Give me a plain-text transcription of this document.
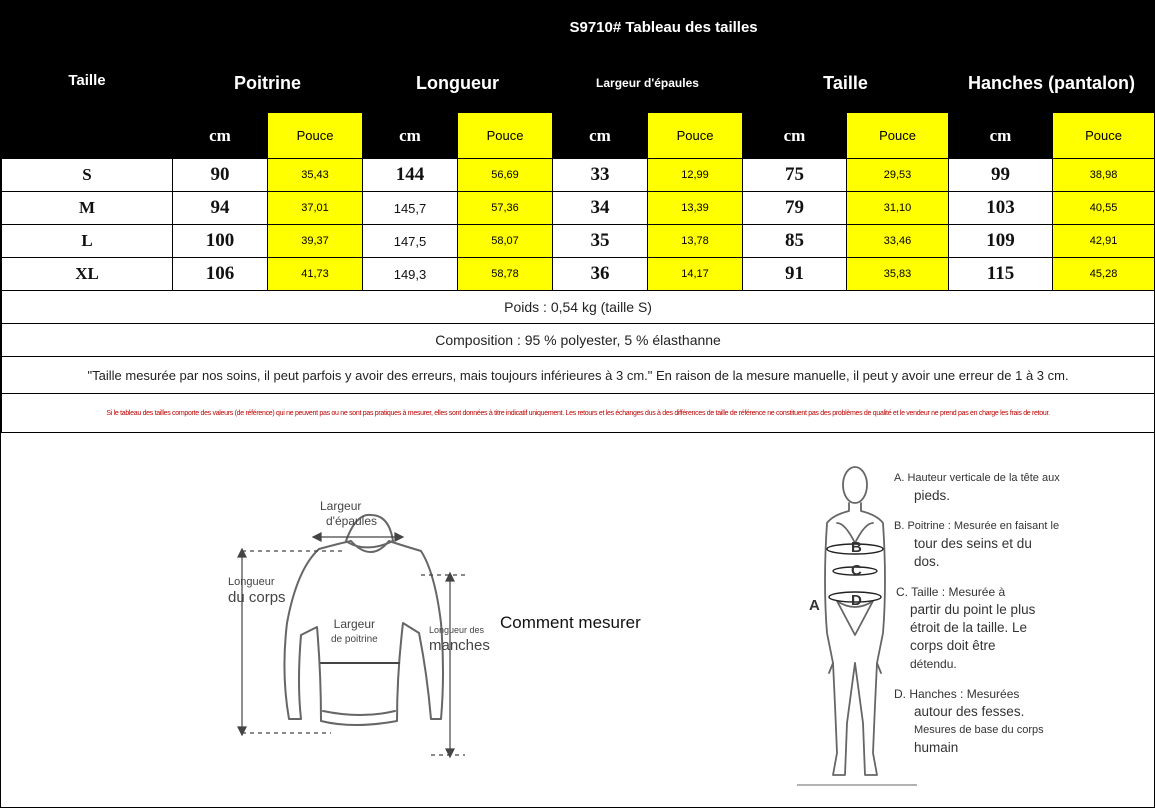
Taille	S9710# Tableau des tailles									
	Poitrine		Longueur		Largeur d'épaules		Taille		Hanches (pantalon)	
	cm	Pouce	cm	Pouce	cm	Pouce	cm	Pouce	cm	Pouce
S	90	35,43	144	56,69	33	12,99	75	29,53	99	38,98
M	94	37,01	145,7	57,36	34	13,39	79	31,10	103	40,55
L	100	39,37	147,5	58,07	35	13,78	85	33,46	109	42,91
XL	106	41,73	149,3	58,78	36	14,17	91	35,83	115	45,28
Poids : 0,54 kg (taille S)										
Composition : 95 % polyester, 5 % élasthanne										
"Taille mesurée par nos soins, il peut parfois y avoir des erreurs, mais toujours inférieures à 3 cm." En raison de la mesure manuelle, il peut y avoir une erreur de 1 à 3 cm.										
Si le tableau des tailles comporte des valeurs (de référence) qui ne peuvent pas ou ne sont pas pratiques à mesurer, elles sont données à titre indicatif uniquement. Les retours et les échanges dus à des différences de taille de référence ne constituent pas des problèmes de qualité et le vendeur ne prend pas en charge les frais de retour.										
Largeur
d'épaules
Longueur
du corps
Largeur
de poitrine
Longueur des
manches
Comment mesurer
B
C
D
A
A. Hauteur verticale de la tête aux
pieds.
B. Poitrine : Mesurée en faisant le
tour des seins et du
dos.
C. Taille : Mesurée à
partir du point le plus
étroit de la taille. Le
corps doit être
détendu.
D. Hanches : Mesurées
autour des fesses.
Mesures de base du corps
humain
